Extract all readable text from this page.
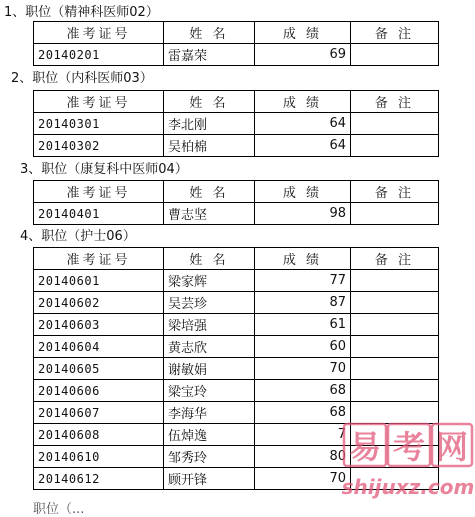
1、职位（精神科医师02）
准考证号	姓 名	成 绩	备 注
20140201	雷嘉荣	69	
2、职位（内科医师03）
准考证号	姓 名	成 绩	备 注
20140301	李北刚	64	
20140302	吴柏棉	64	
3、职位（康复科中医师04）
准考证号	姓 名	成 绩	备 注
20140401	曹志坚	98	
4、职位（护士06）
准考证号	姓 名	成 绩	备 注
20140601	梁家辉	77	
20140602	吴芸珍	87	
20140603	梁培强	61	
20140604	黄志欣	60	
20140605	谢敏娟	70	
20140606	梁宝玲	68	
20140607	李海华	68	
20140608	伍焯逸	7	
20140610	邹秀玲	80	
20140612	顾开锋	70	
职位（...
易 考 网
shijuxz.com
